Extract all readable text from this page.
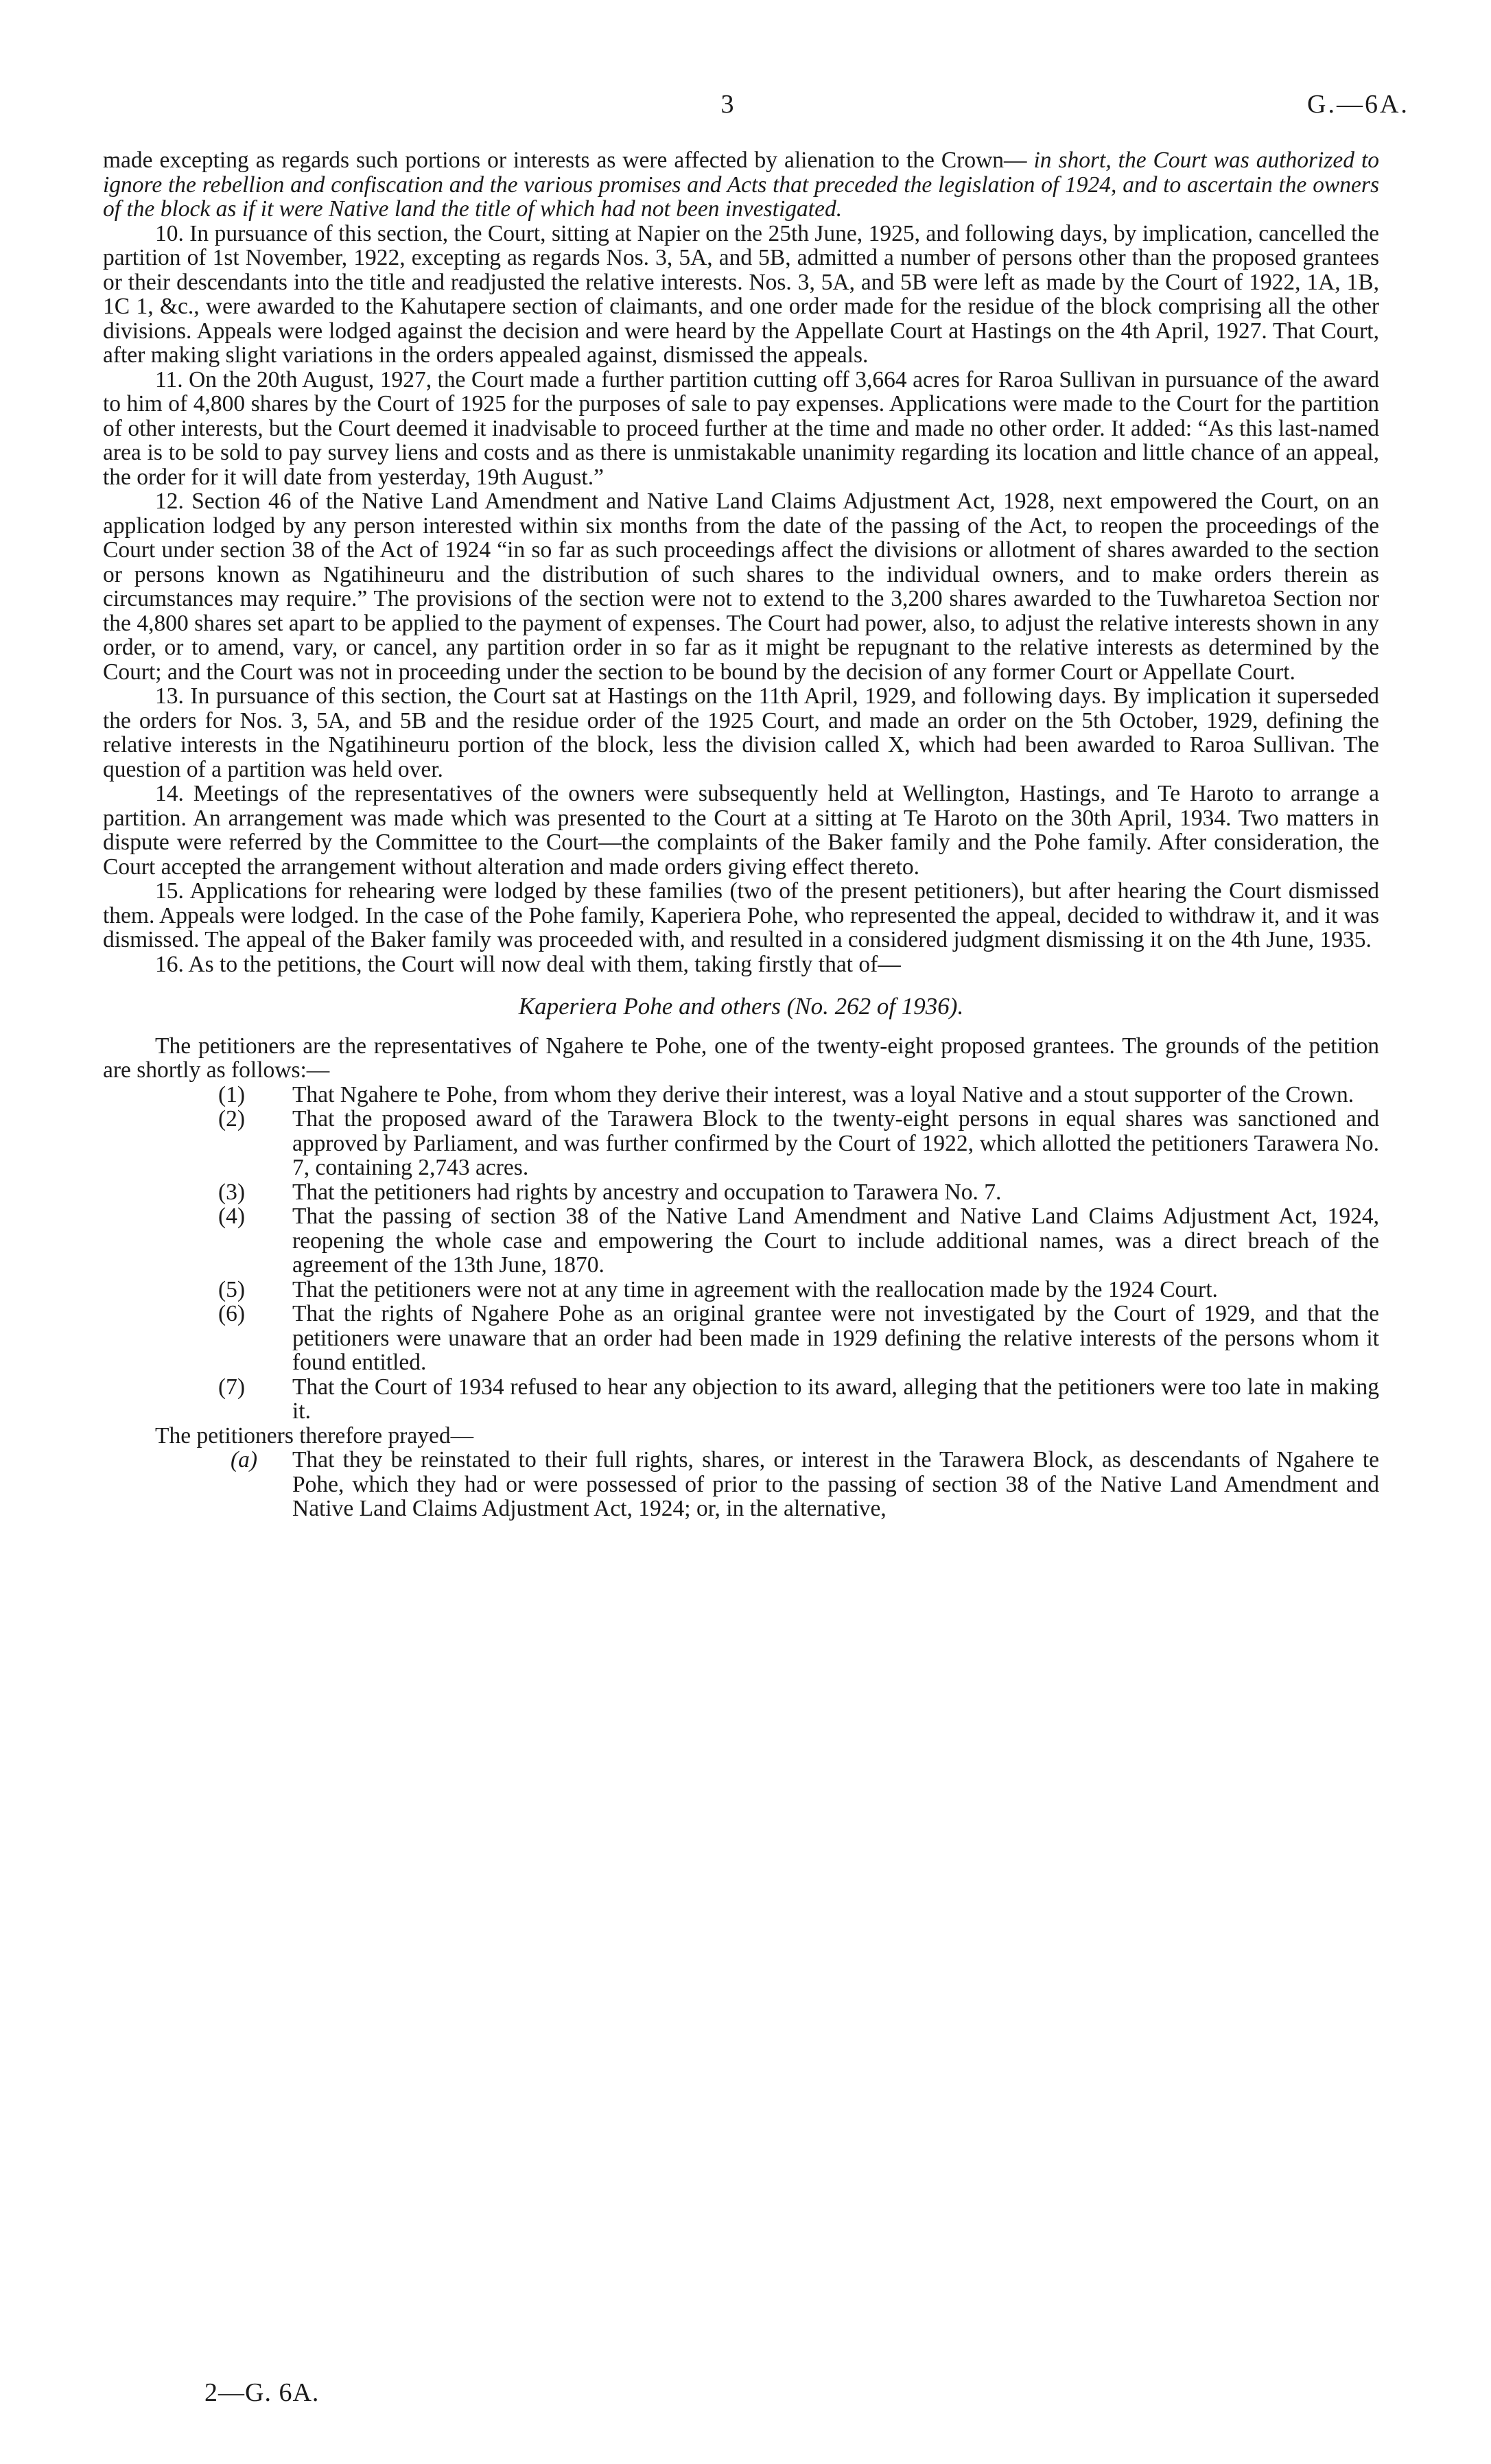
3	G.—6A.

made excepting as regards such portions or interests as were affected by alienation to the Crown— in short, the Court was authorized to ignore the rebellion and confiscation and the various promises and Acts that preceded the legislation of 1924, and to ascertain the owners of the block as if it were Native land the title of which had not been investigated.

10. In pursuance of this section, the Court, sitting at Napier on the 25th June, 1925, and following days, by implication, cancelled the partition of 1st November, 1922, excepting as regards Nos. 3, 5A, and 5B, admitted a number of persons other than the proposed grantees or their descendants into the title and readjusted the relative interests. Nos. 3, 5A, and 5B were left as made by the Court of 1922, 1A, 1B, 1C 1, &c., were awarded to the Kahutapere section of claimants, and one order made for the residue of the block comprising all the other divisions. Appeals were lodged against the decision and were heard by the Appellate Court at Hastings on the 4th April, 1927. That Court, after making slight variations in the orders appealed against, dismissed the appeals.

11. On the 20th August, 1927, the Court made a further partition cutting off 3,664 acres for Raroa Sullivan in pursuance of the award to him of 4,800 shares by the Court of 1925 for the purposes of sale to pay expenses. Applications were made to the Court for the partition of other interests, but the Court deemed it inadvisable to proceed further at the time and made no other order. It added: “As this last-named area is to be sold to pay survey liens and costs and as there is unmistakable unanimity regarding its location and little chance of an appeal, the order for it will date from yesterday, 19th August.”

12. Section 46 of the Native Land Amendment and Native Land Claims Adjustment Act, 1928, next empowered the Court, on an application lodged by any person interested within six months from the date of the passing of the Act, to reopen the proceedings of the Court under section 38 of the Act of 1924 “in so far as such proceedings affect the divisions or allotment of shares awarded to the section or persons known as Ngatihineuru and the distribution of such shares to the individual owners, and to make orders therein as circumstances may require.” The provisions of the section were not to extend to the 3,200 shares awarded to the Tuwharetoa Section nor the 4,800 shares set apart to be applied to the payment of expenses. The Court had power, also, to adjust the relative interests shown in any order, or to amend, vary, or cancel, any partition order in so far as it might be repugnant to the relative interests as determined by the Court; and the Court was not in proceeding under the section to be bound by the decision of any former Court or Appellate Court.

13. In pursuance of this section, the Court sat at Hastings on the 11th April, 1929, and following days. By implication it superseded the orders for Nos. 3, 5A, and 5B and the residue order of the 1925 Court, and made an order on the 5th October, 1929, defining the relative interests in the Ngatihineuru portion of the block, less the division called X, which had been awarded to Raroa Sullivan. The question of a partition was held over.

14. Meetings of the representatives of the owners were subsequently held at Wellington, Hastings, and Te Haroto to arrange a partition. An arrangement was made which was presented to the Court at a sitting at Te Haroto on the 30th April, 1934. Two matters in dispute were referred by the Committee to the Court—the complaints of the Baker family and the Pohe family. After consideration, the Court accepted the arrangement without alteration and made orders giving effect thereto.

15. Applications for rehearing were lodged by these families (two of the present petitioners), but after hearing the Court dismissed them. Appeals were lodged. In the case of the Pohe family, Kaperiera Pohe, who represented the appeal, decided to withdraw it, and it was dismissed. The appeal of the Baker family was proceeded with, and resulted in a considered judgment dismissing it on the 4th June, 1935.

16. As to the petitions, the Court will now deal with them, taking firstly that of—

Kaperiera Pohe and others (No. 262 of 1936).

The petitioners are the representatives of Ngahere te Pohe, one of the twenty-eight proposed grantees. The grounds of the petition are shortly as follows:—

(1) That Ngahere te Pohe, from whom they derive their interest, was a loyal Native and a stout supporter of the Crown.
(2) That the proposed award of the Tarawera Block to the twenty-eight persons in equal shares was sanctioned and approved by Parliament, and was further confirmed by the Court of 1922, which allotted the petitioners Tarawera No. 7, containing 2,743 acres.
(3) That the petitioners had rights by ancestry and occupation to Tarawera No. 7.
(4) That the passing of section 38 of the Native Land Amendment and Native Land Claims Adjustment Act, 1924, reopening the whole case and empowering the Court to include additional names, was a direct breach of the agreement of the 13th June, 1870.
(5) That the petitioners were not at any time in agreement with the reallocation made by the 1924 Court.
(6) That the rights of Ngahere Pohe as an original grantee were not investigated by the Court of 1929, and that the petitioners were unaware that an order had been made in 1929 defining the relative interests of the persons whom it found entitled.
(7) That the Court of 1934 refused to hear any objection to its award, alleging that the petitioners were too late in making it.

The petitioners therefore prayed—

(a) That they be reinstated to their full rights, shares, or interest in the Tarawera Block, as descendants of Ngahere te Pohe, which they had or were possessed of prior to the passing of section 38 of the Native Land Amendment and Native Land Claims Adjustment Act, 1924; or, in the alternative,
2—G. 6A.
